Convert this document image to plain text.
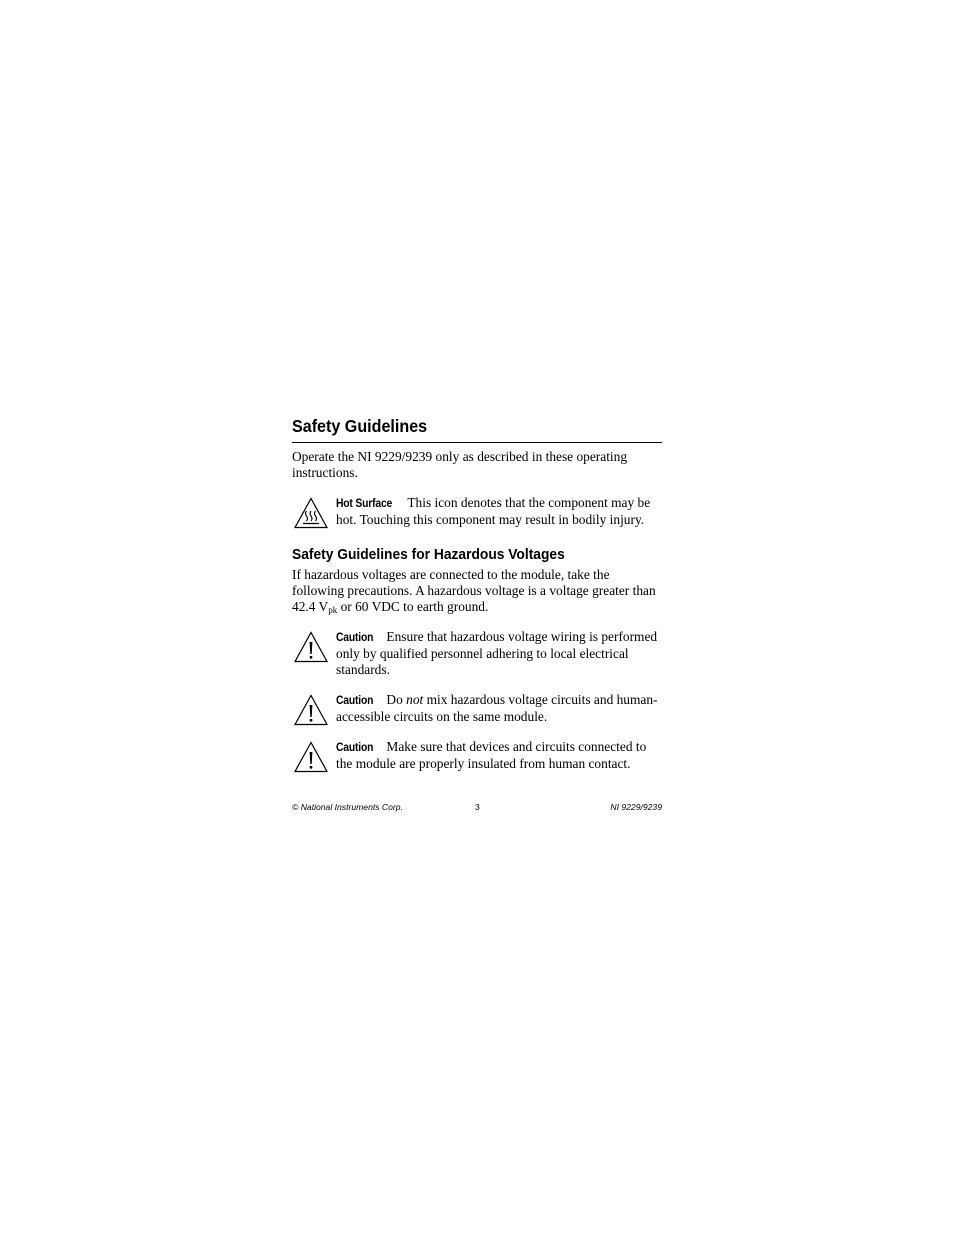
Safety Guidelines

Operate the NI 9229/9239 only as described in these operating instructions.

Hot Surface This icon denotes that the component may be hot. Touching this component may result in bodily injury.
Safety Guidelines for Hazardous Voltages

If hazardous voltages are connected to the module, take the following precautions. A hazardous voltage is a voltage greater than 42.4 $V_{pk}$ or 60 VDC to earth ground.

Caution Ensure that hazardous voltage wiring is performed only by qualified personnel adhering to local electrical standards.
Caution Do not mix hazardous voltage circuits and human-accessible circuits on the same module.
Caution Make sure that devices and circuits connected to the module are properly insulated from human contact.
© National Instruments Corp.	3	NI 9229/9239
